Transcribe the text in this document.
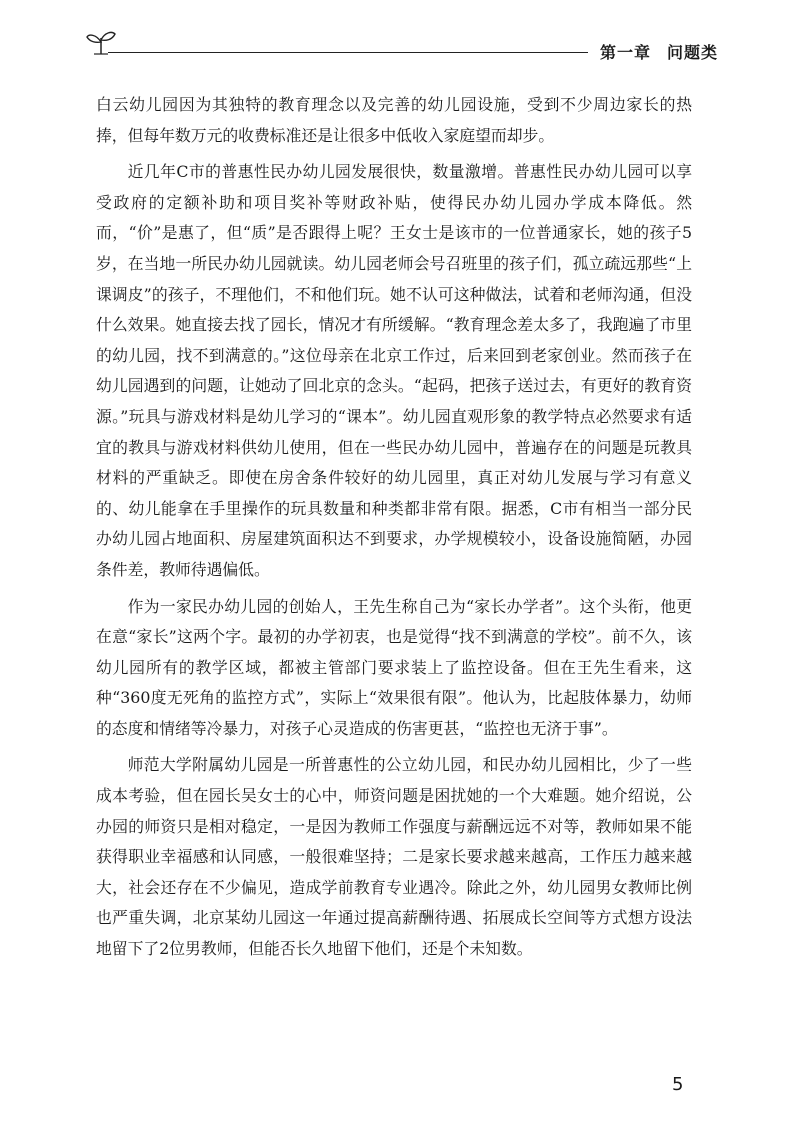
第一章 问题类

白云幼儿园因为其独特的教育理念以及完善的幼儿园设施，受到不少周边家长的热捧，但每年数万元的收费标准还是让很多中低收入家庭望而却步。

近几年C市的普惠性民办幼儿园发展很快，数量激增。普惠性民办幼儿园可以享受政府的定额补助和项目奖补等财政补贴，使得民办幼儿园办学成本降低。然而，“价”是惠了，但“质”是否跟得上呢？王女士是该市的一位普通家长，她的孩子5岁，在当地一所民办幼儿园就读。幼儿园老师会号召班里的孩子们，孤立疏远那些“上课调皮”的孩子，不理他们，不和他们玩。她不认可这种做法，试着和老师沟通，但没什么效果。她直接去找了园长，情况才有所缓解。“教育理念差太多了，我跑遍了市里的幼儿园，找不到满意的。”这位母亲在北京工作过，后来回到老家创业。然而孩子在幼儿园遇到的问题，让她动了回北京的念头。“起码，把孩子送过去，有更好的教育资源。”玩具与游戏材料是幼儿学习的“课本”。幼儿园直观形象的教学特点必然要求有适宜的教具与游戏材料供幼儿使用，但在一些民办幼儿园中，普遍存在的问题是玩教具材料的严重缺乏。即使在房舍条件较好的幼儿园里，真正对幼儿发展与学习有意义的、幼儿能拿在手里操作的玩具数量和种类都非常有限。据悉，C市有相当一部分民办幼儿园占地面积、房屋建筑面积达不到要求，办学规模较小，设备设施简陋，办园条件差，教师待遇偏低。

作为一家民办幼儿园的创始人，王先生称自己为“家长办学者”。这个头衔，他更在意“家长”这两个字。最初的办学初衷，也是觉得“找不到满意的学校”。前不久，该幼儿园所有的教学区域，都被主管部门要求装上了监控设备。但在王先生看来，这种“360度无死角的监控方式”，实际上“效果很有限”。他认为，比起肢体暴力，幼师的态度和情绪等冷暴力，对孩子心灵造成的伤害更甚，“监控也无济于事”。

师范大学附属幼儿园是一所普惠性的公立幼儿园，和民办幼儿园相比，少了一些成本考验，但在园长吴女士的心中，师资问题是困扰她的一个大难题。她介绍说，公办园的师资只是相对稳定，一是因为教师工作强度与薪酬远远不对等，教师如果不能获得职业幸福感和认同感，一般很难坚持；二是家长要求越来越高，工作压力越来越大，社会还存在不少偏见，造成学前教育专业遇冷。除此之外，幼儿园男女教师比例也严重失调，北京某幼儿园这一年通过提高薪酬待遇、拓展成长空间等方式想方设法地留下了2位男教师，但能否长久地留下他们，还是个未知数。

5
